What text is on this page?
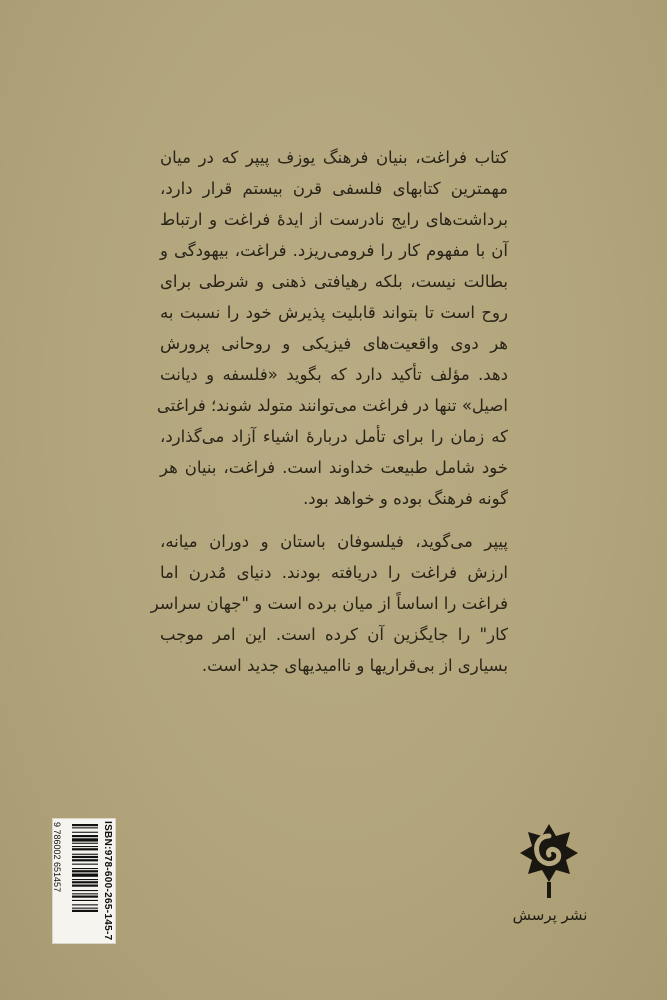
کتاب فراغت، بنیان فرهنگ یوزف پیپر که در میان
مهمترین کتابهای فلسفی قرن بیستم قرار دارد،
برداشت‌های رایج نادرست از ایدهٔ فراغت و ارتباط
آن با مفهوم کار را فرومی‌ریزد. فراغت، بیهودگی و
بطالت نیست، بلکه رهیافتی ذهنی و شرطی برای
روح است تا بتواند قابلیت پذیرش خود را نسبت به
هر دوی واقعیت‌های فیزیکی و روحانی پرورش
دهد. مؤلف تأکید دارد که بگوید «فلسفه و دیانت
اصیل» تنها در فراغت می‌توانند متولد شوند؛ فراغتی
که زمان را برای تأمل دربارهٔ اشیاء آزاد می‌گذارد،
خود شامل طبیعت خداوند است. فراغت، بنیان هر
گونه فرهنگ بوده و خواهد بود.
پیپر می‌گوید، فیلسوفان باستان و دوران میانه،
ارزش فراغت را دریافته بودند. دنیای مُدرن اما
فراغت را اساساً از میان برده است و "جهان سراسر
کار" را جایگزین آن کرده است. این امر موجب
بسیاری از بی‌قراریها و ناامیدیهای جدید است.
9 786002 651457	ISBN:978-600-265-145-7	نشر پرسش
